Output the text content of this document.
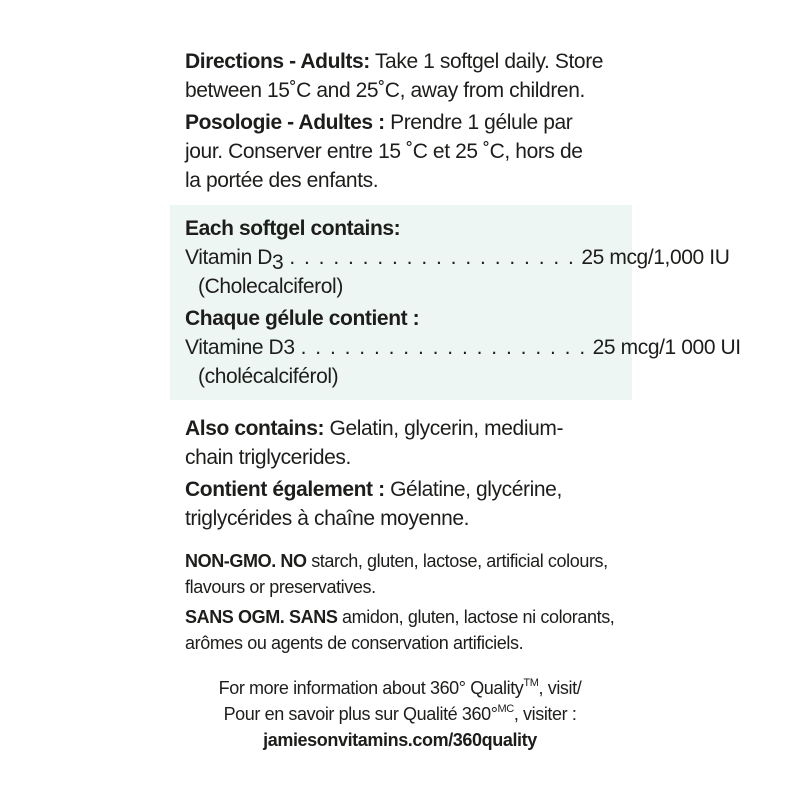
Directions - Adults: Take 1 softgel daily. Store
between 15˚C and 25˚C, away from children.
Posologie - Adultes : Prendre 1 gélule par
jour. Conserver entre 15 ˚C et 25 ˚C, hors de
la portée des enfants.
Each softgel contains:
Vitamin $D_3$ . . . . . . . . . . . . . . . . . . . . 25 mcg/1,000 IU
(Cholecalciferol)
Chaque gélule contient :
Vitamine D3 . . . . . . . . . . . . . . . . . . . . 25 mcg/1 000 UI
(cholécalciférol)
Also contains: Gelatin, glycerin, medium-
chain triglycerides.
Contient également : Gélatine, glycérine,
triglycérides à chaîne moyenne.
NON-GMO. NO starch, gluten, lactose, artificial colours,
flavours or preservatives.
SANS OGM. SANS amidon, gluten, lactose ni colorants,
arômes ou agents de conservation artificiels.
For more information about 360° Quality™, visit/
Pour en savoir plus sur Qualité 360°$^{MC}$, visiter :
jamiesonvitamins.com/360quality
